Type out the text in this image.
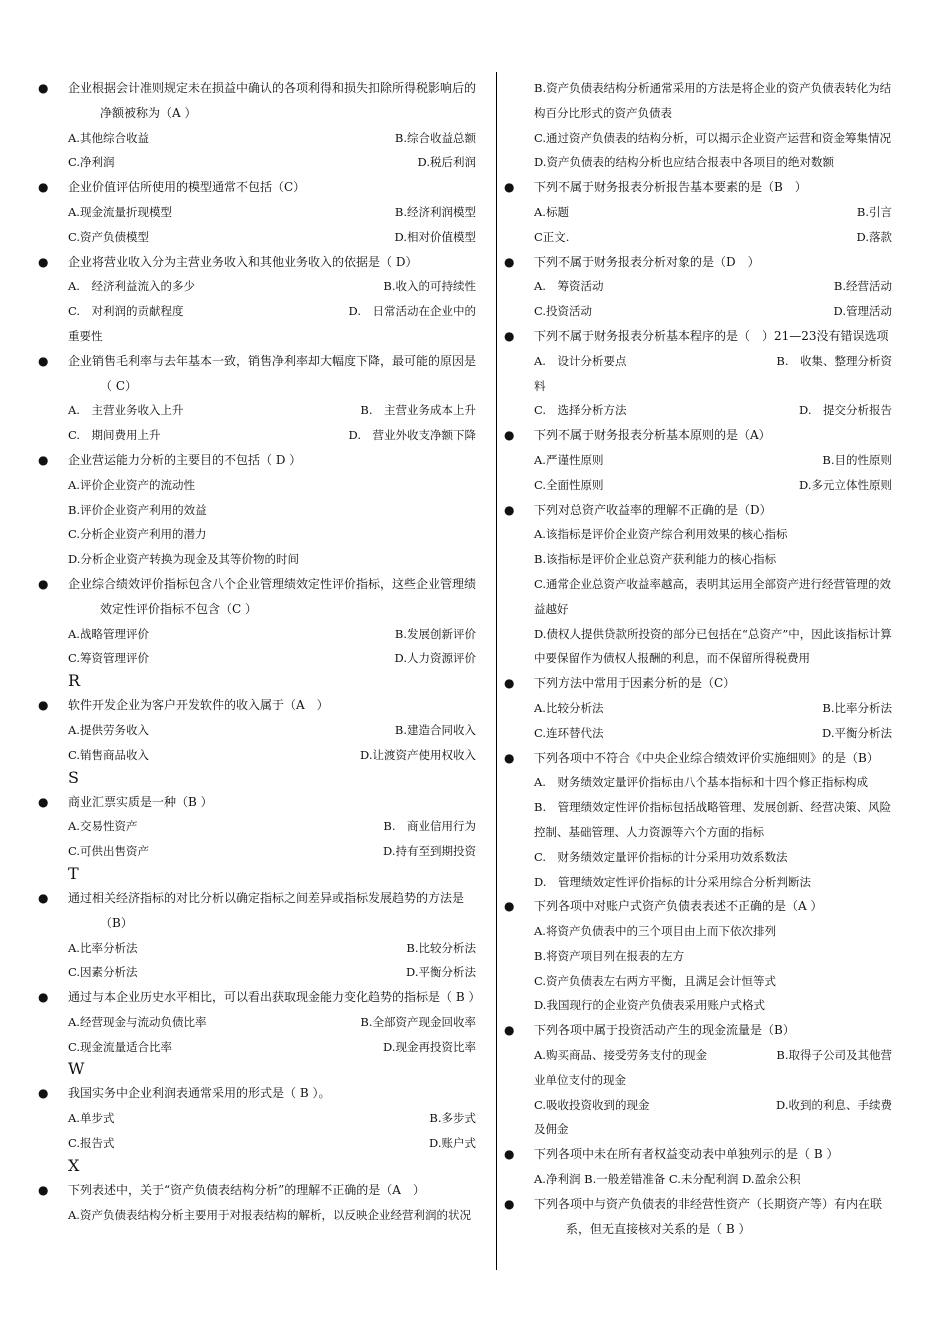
● 企业根据会计准则规定未在损益中确认的各项利得和损失扣除所得税影响后的净额被称为（A ）
A.其他综合收益	B.综合收益总额
C.净利润	D.税后利润
● 企业价值评估所使用的模型通常不包括（C）
A.现金流量折现模型	B.经济利润模型
C.资产负债模型	D.相对价值模型
● 企业将营业收入分为主营业务收入和其他业务收入的依据是（ D）
A.　经济利益流入的多少	B.收入的可持续性
C.　对利润的贡献程度	D.　日常活动在企业中的
重要性
● 企业销售毛利率与去年基本一致，销售净利率却大幅度下降，最可能的原因是（ C）
A.　主营业务收入上升	B.　主营业务成本上升
C.　期间费用上升	D.　营业外收支净额下降
● 企业营运能力分析的主要目的不包括（ D ）
A.评价企业资产的流动性
B.评价企业资产利用的效益
C.分析企业资产利用的潜力
D.分析企业资产转换为现金及其等价物的时间
● 企业综合绩效评价指标包含八个企业管理绩效定性评价指标，这些企业管理绩效定性评价指标不包含（C ）
A.战略管理评价	B.发展创新评价
C.筹资管理评价	D.人力资源评价
R
● 软件开发企业为客户开发软件的收入属于（A　）
A.提供劳务收入	B.建造合同收入
C.销售商品收入	D.让渡资产使用权收入
S
● 商业汇票实质是一种（B ）
A.交易性资产	B.　商业信用行为
C.可供出售资产	D.持有至到期投资
T
● 通过相关经济指标的对比分析以确定指标之间差异或指标发展趋势的方法是（B）
A.比率分析法	B.比较分析法
C.因素分析法	D.平衡分析法
● 通过与本企业历史水平相比，可以看出获取现金能力变化趋势的指标是（ B ）
A.经营现金与流动负债比率	B.全部资产现金回收率
C.现金流量适合比率	D.现金再投资比率
W
● 我国实务中企业利润表通常采用的形式是（ B ）。
A.单步式	B.多步式
C.报告式	D.账户式
X
● 下列表述中，关于“资产负债表结构分析”的理解不正确的是（A　）
A.资产负债表结构分析主要用于对报表结构的解析，以反映企业经营利润的状况
B.资产负债表结构分析通常采用的方法是将企业的资产负债表转化为结构百分比形式的资产负债表
C.通过资产负债表的结构分析，可以揭示企业资产运营和资金筹集情况
D.资产负债表的结构分析也应结合报表中各项目的绝对数额
● 下列不属于财务报表分析报告基本要素的是（B　）
A.标题	B.引言
C正文.	D.落款
● 下列不属于财务报表分析对象的是（D　）
A.　筹资活动	B.经营活动
C.投资活动	D.管理活动
● 下列不属于财务报表分析基本程序的是（　）21—23没有错误选项
A.　设计分析要点	B.　收集、整理分析资
料
C.　选择分析方法	D.　提交分析报告
● 下列不属于财务报表分析基本原则的是（A）
A.严谨性原则	B.目的性原则
C.全面性原则	D.多元立体性原则
● 下列对总资产收益率的理解不正确的是（D）
A.该指标是评价企业资产综合利用效果的核心指标
B.该指标是评价企业总资产获利能力的核心指标
C.通常企业总资产收益率越高，表明其运用全部资产进行经营管理的效益越好
D.债权人提供贷款所投资的部分已包括在“总资产”中，因此该指标计算中要保留作为债权人报酬的利息，而不保留所得税费用
● 下列方法中常用于因素分析的是（C）
A.比较分析法	B.比率分析法
C.连环替代法	D.平衡分析法
● 下列各项中不符合《中央企业综合绩效评价实施细则》的是（B）
A.　财务绩效定量评价指标由八个基本指标和十四个修正指标构成
B.　管理绩效定性评价指标包括战略管理、发展创新、经营决策、风险控制、基础管理、人力资源等六个方面的指标
C.　财务绩效定量评价指标的计分采用功效系数法
D.　管理绩效定性评价指标的计分采用综合分析判断法
● 下列各项中对账户式资产负债表表述不正确的是（A ）
A.将资产负债表中的三个项目由上而下依次排列
B.将资产项目列在报表的左方
C.资产负债表左右两方平衡，且满足会计恒等式
D.我国现行的企业资产负债表采用账户式格式
● 下列各项中属于投资活动产生的现金流量是（B）
A.购买商品、接受劳务支付的现金	B.取得子公司及其他营
业单位支付的现金
C.吸收投资收到的现金	D.收到的利息、手续费
及佣金
● 下列各项中未在所有者权益变动表中单独列示的是（ B ）
A.净利润 B.一般差错准备 C.未分配利润 D.盈余公积
● 下列各项中与资产负债表的非经营性资产（长期资产等）有内在联系，但无直接核对关系的是（ B ）
